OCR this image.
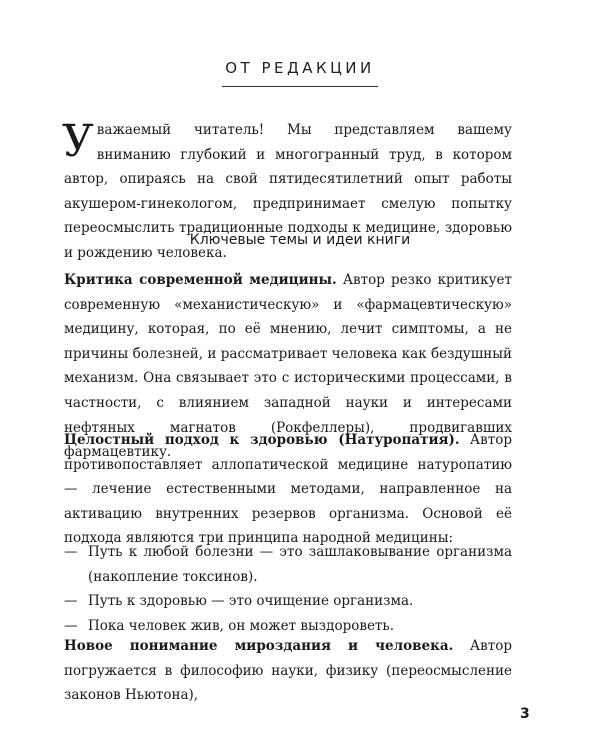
ОТ РЕДАКЦИИ

Уважаемый читатель! Мы представляем вашему вниманию глубокий и многогранный труд, в котором автор, опираясь на свой пятидесятилетний опыт работы акушером-гинекологом, предпринимает смелую попытку переосмыслить традиционные подходы к медицине, здоровью и рождению человека.

Ключевые темы и идеи книги

Критика современной медицины. Автор резко критикует современную «механистическую» и «фармацевтическую» медицину, которая, по её мнению, лечит симптомы, а не причины болезней, и рассматривает человека как бездушный механизм. Она связывает это с историческими процессами, в частности, с влиянием западной науки и интересами нефтяных магнатов (Рокфеллеры), продвигавших фармацевтику.

Целостный подход к здоровью (Натуропатия). Автор противопоставляет аллопатической медицине натуропатию — лечение естественными методами, направленное на активацию внутренних резервов организма. Основой её подхода являются три принципа народной медицины:

— Путь к любой болезни — это зашлаковывание организма (накопление токсинов).
— Путь к здоровью — это очищение организма.
— Пока человек жив, он может выздороветь.

Новое понимание мироздания и человека. Автор погружается в философию науки, физику (переосмысление законов Ньютона),

3
